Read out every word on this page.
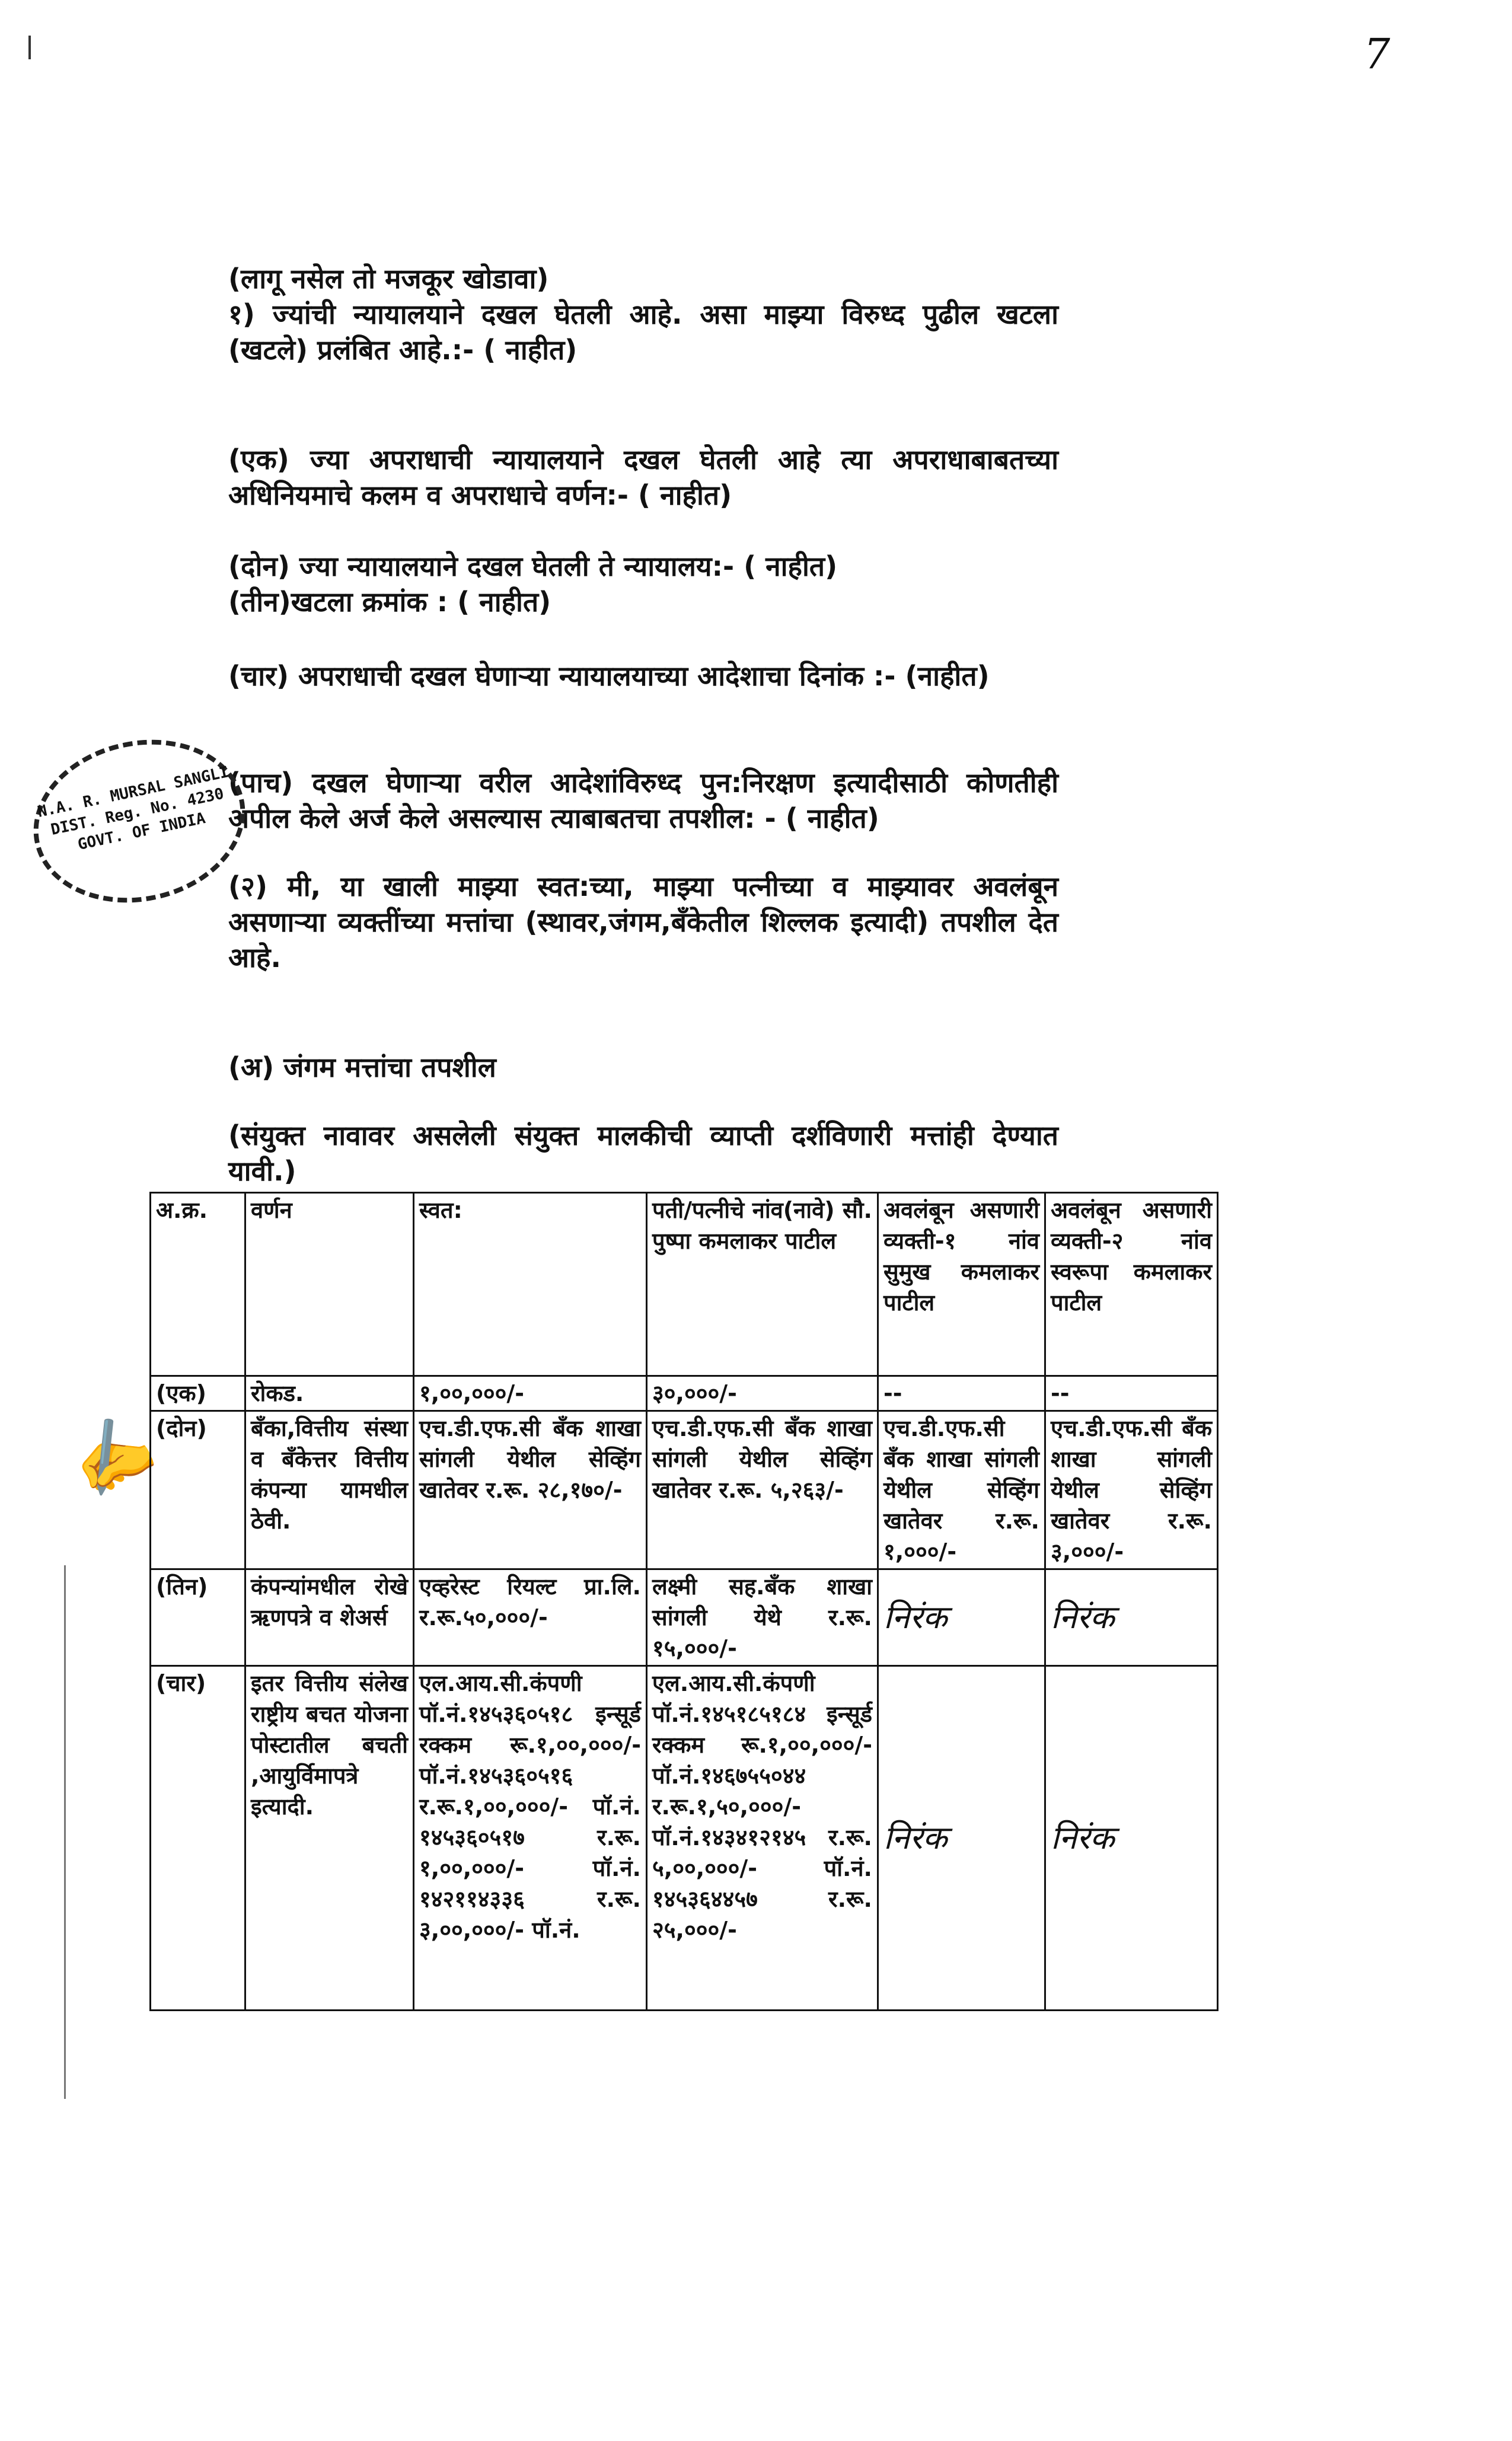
7
(लागू नसेल तो मजकूर खोडावा)
१) ज्यांची न्यायालयाने दखल घेतली आहे. असा माझ्या विरुध्द पुढील खटला (खटले) प्रलंबित आहे.:- ( नाहीत)
(एक) ज्या अपराधाची न्यायालयाने दखल घेतली आहे त्या अपराधाबाबतच्या अधिनियमाचे कलम व अपराधाचे वर्णन:- ( नाहीत)
(दोन) ज्या न्यायालयाने दखल घेतली ते न्यायालय:- ( नाहीत)
(तीन)खटला क्रमांक : ( नाहीत)
(चार) अपराधाची दखल घेणाऱ्या न्यायालयाच्या आदेशाचा दिनांक :- (नाहीत)
(पाच) दखल घेणाऱ्या वरील आदेशांविरुध्द पुन:निरक्षण इत्यादीसाठी कोणतीही अपील केले अर्ज केले असल्यास त्याबाबतचा तपशील: - ( नाहीत)
(२) मी, या खाली माझ्या स्वत:च्या, माझ्या पत्नीच्या व माझ्यावर अवलंबून असणाऱ्या व्यक्तींच्या मत्तांचा (स्थावर,जंगम,बँकेतील शिल्लक इत्यादी) तपशील देत आहे.
N.A. R. MURSAL SANGLI DIST. Reg. No. 4230 GOVT. OF INDIA
(अ) जंगम मत्तांचा तपशील
(संयुक्त नावावर असलेली संयुक्त मालकीची व्याप्ती दर्शविणारी मत्तांही देण्यात यावी.)
✍
अ.क्र.	वर्णन	स्वत:	पती/पत्नीचे नांव(नावे) सौ. पुष्पा कमलाकर पाटील	अवलंबून असणारी व्यक्ती-१ नांव सुमुख कमलाकर पाटील	अवलंबून असणारी व्यक्ती-२ नांव स्वरूपा कमलाकर पाटील
(एक)	रोकड.	१,००,०००/-	३०,०००/-	--	--
(दोन)	बँका,वित्तीय संस्था व बँकेत्तर वित्तीय कंपन्या यामधील ठेवी.	एच.डी.एफ.सी बँक शाखा सांगली येथील सेव्हिंग खातेवर र.रू. २८,१७०/-	एच.डी.एफ.सी बँक शाखा सांगली येथील सेव्हिंग खातेवर र.रू. ५,२६३/-	एच.डी.एफ.सी बँक शाखा सांगली येथील सेव्हिंग खातेवर र.रू. १,०००/-	एच.डी.एफ.सी बँक शाखा सांगली येथील सेव्हिंग खातेवर र.रू. ३,०००/-
(तिन)	कंपन्यांमधील रोखे ऋणपत्रे व शेअर्स	एव्हरेस्ट रियल्ट प्रा.लि. र.रू.५०,०००/-	लक्ष्मी सह.बँक शाखा सांगली येथे र.रू. १५,०००/-	निरंक	निरंक
(चार)	इतर वित्तीय संलेख राष्ट्रीय बचत योजना पोस्टातील बचती ,आयुर्विमापत्रे इत्यादी.	एल.आय.सी.कंपणी पॉ.नं.१४५३६०५१८ इन्सूर्ड रक्कम रू.१,००,०००/- पॉ.नं.१४५३६०५१६ र.रू.१,००,०००/- पॉ.नं. १४५३६०५१७ र.रू. १,००,०००/- पॉ.नं. १४२११४३३६ र.रू. ३,००,०००/- पॉ.नं.	एल.आय.सी.कंपणी पॉ.नं.१४५१८५१८४ इन्सूर्ड रक्कम रू.१,००,०००/- पॉ.नं.१४६७५५०४४ र.रू.१,५०,०००/- पॉ.नं.१४३४१२१४५ र.रू. ५,००,०००/- पॉ.नं. १४५३६४४५७ र.रू. २५,०००/-	निरंक	निरंक
